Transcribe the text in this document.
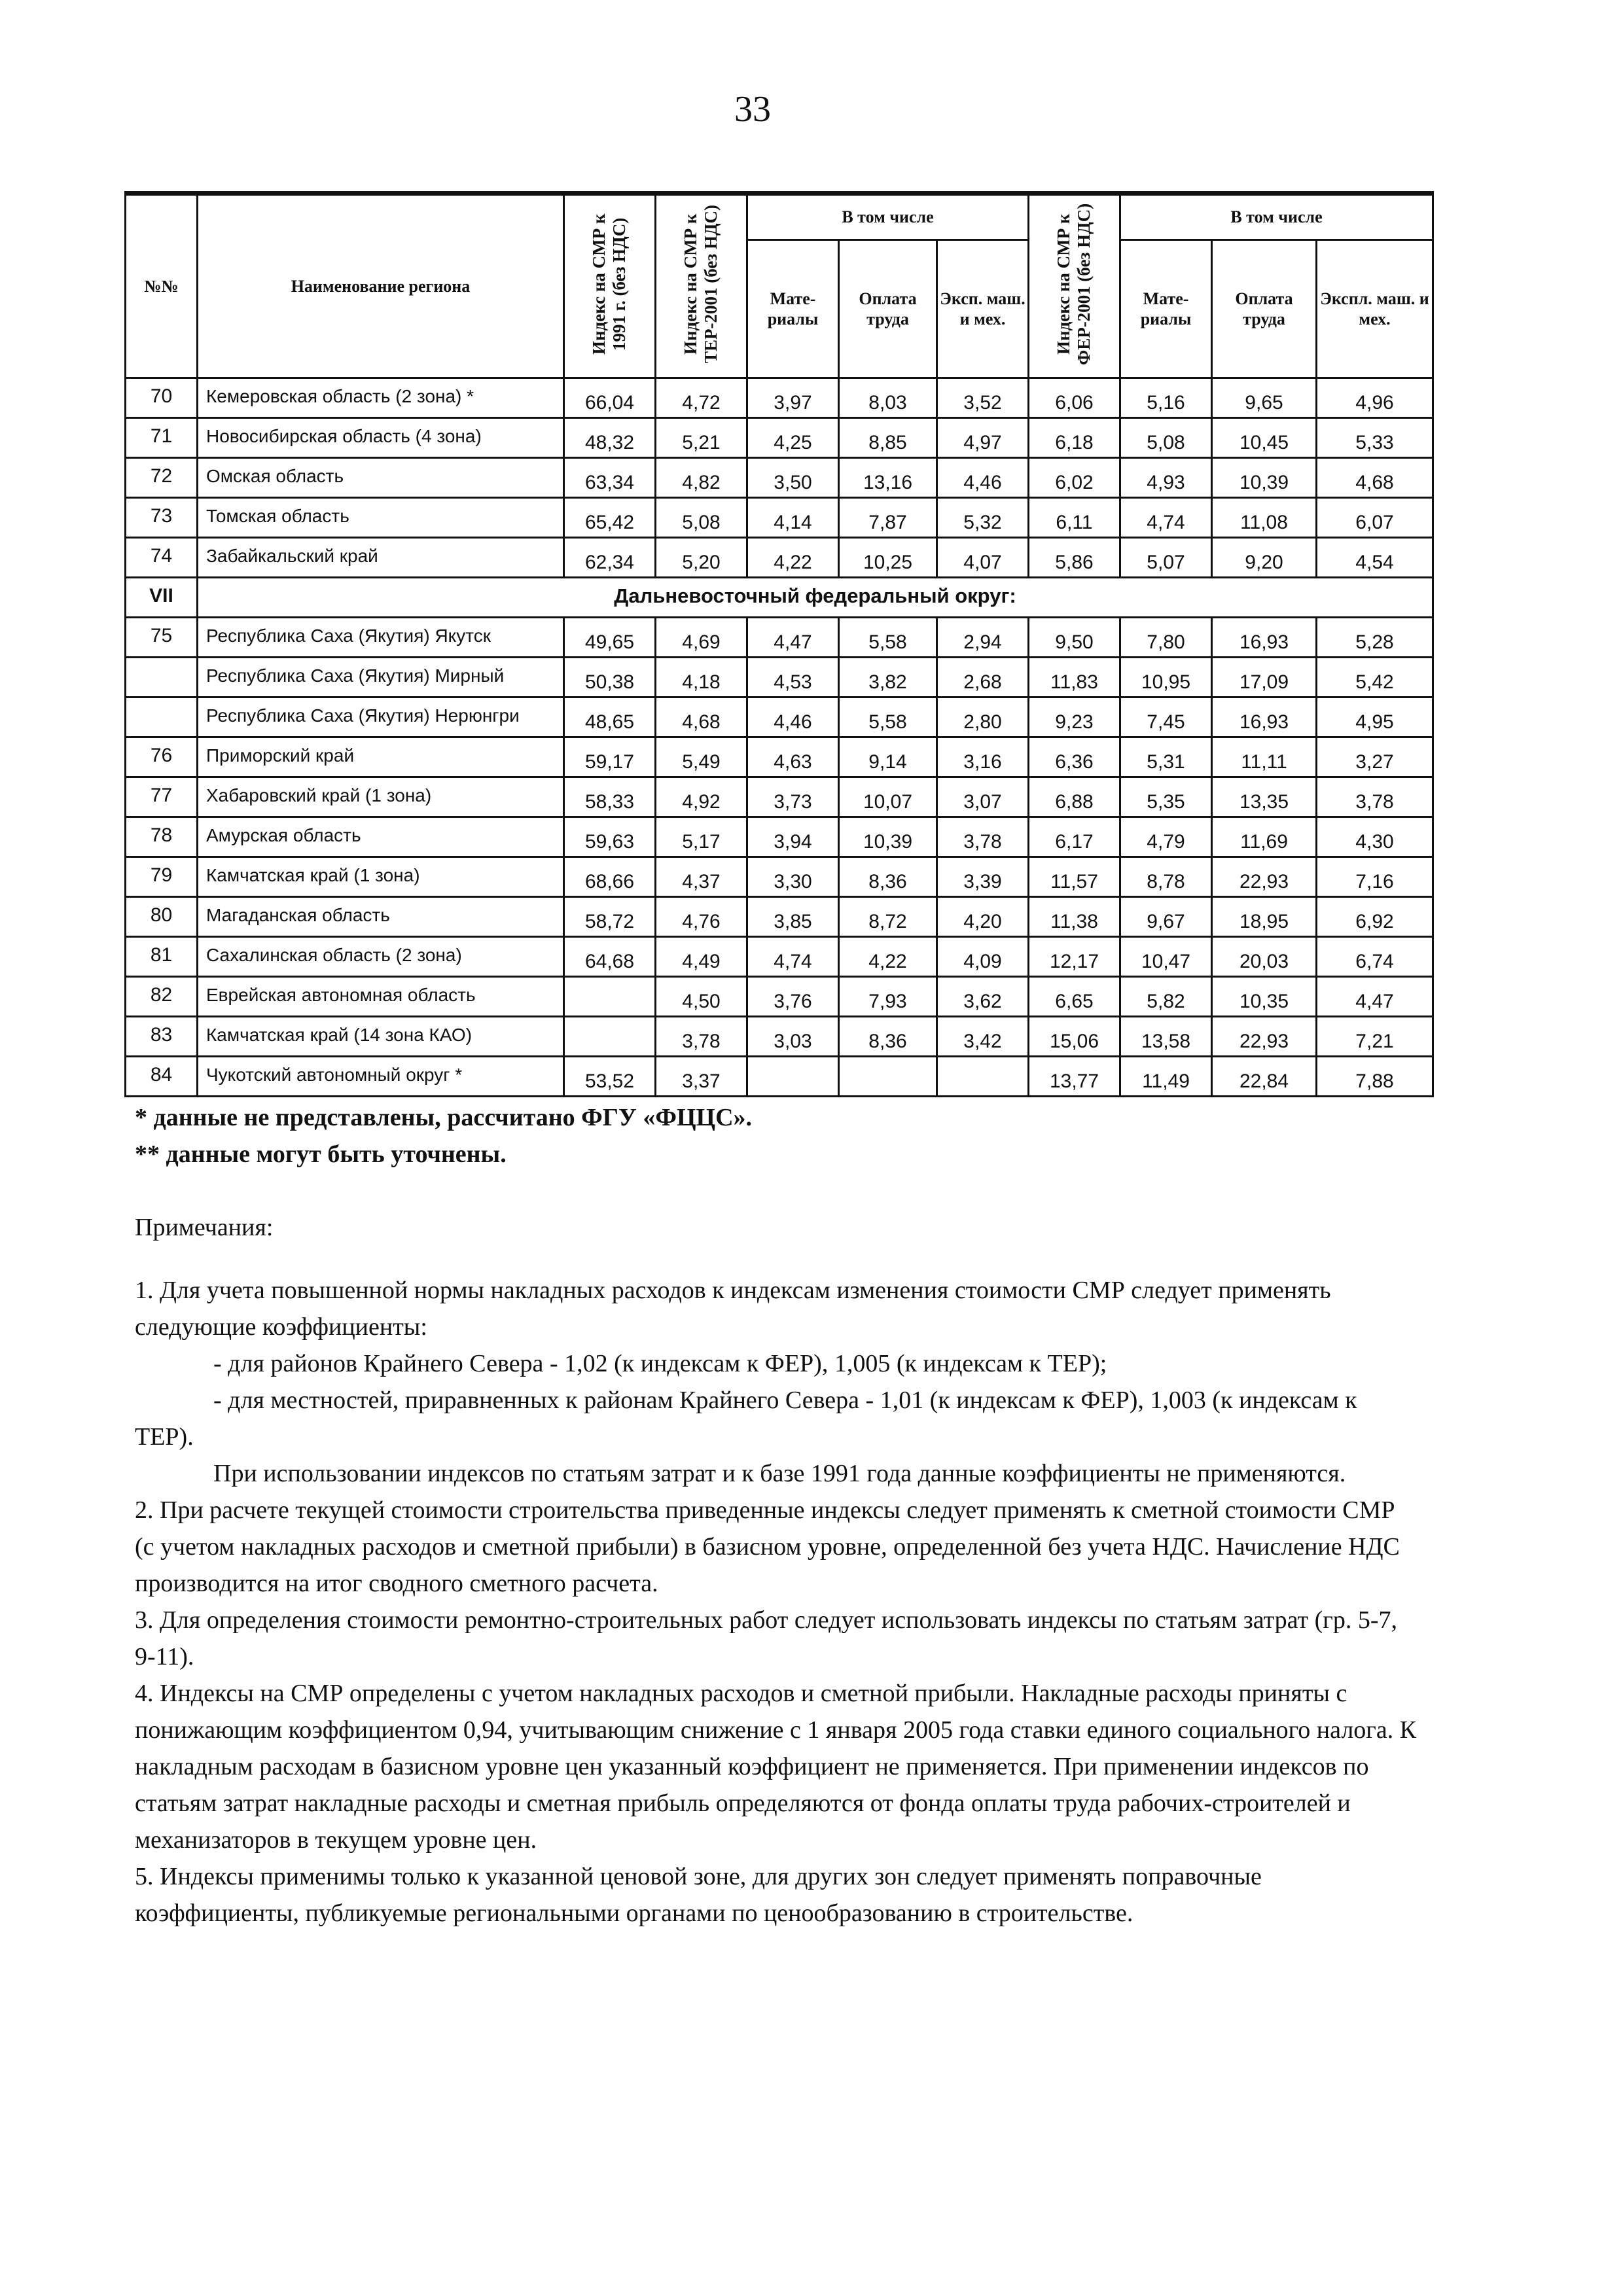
33
№№	Наименование региона	Индекс на СМР к 1991 г. (без НДС)	Индекс на СМР к ТЕР-2001 (без НДС)	В том числе			Индекс на СМР к ФЕР-2001 (без НДС)	В том числе		
				Мате-риалы	Оплата труда	Эксп. маш. и мех.		Мате-риалы	Оплата труда	Экспл. маш. и мех.
70	Кемеровская область (2 зона) *	66,04	4,72	3,97	8,03	3,52	6,06	5,16	9,65	4,96
71	Новосибирская область (4 зона)	48,32	5,21	4,25	8,85	4,97	6,18	5,08	10,45	5,33
72	Омская область	63,34	4,82	3,50	13,16	4,46	6,02	4,93	10,39	4,68
73	Томская область	65,42	5,08	4,14	7,87	5,32	6,11	4,74	11,08	6,07
74	Забайкальский край	62,34	5,20	4,22	10,25	4,07	5,86	5,07	9,20	4,54
VII	Дальневосточный федеральный округ:									
75	Республика Саха (Якутия) Якутск	49,65	4,69	4,47	5,58	2,94	9,50	7,80	16,93	5,28
	Республика Саха (Якутия) Мирный	50,38	4,18	4,53	3,82	2,68	11,83	10,95	17,09	5,42
	Республика Саха (Якутия) Нерюнгри	48,65	4,68	4,46	5,58	2,80	9,23	7,45	16,93	4,95
76	Приморский край	59,17	5,49	4,63	9,14	3,16	6,36	5,31	11,11	3,27
77	Хабаровский край (1 зона)	58,33	4,92	3,73	10,07	3,07	6,88	5,35	13,35	3,78
78	Амурская область	59,63	5,17	3,94	10,39	3,78	6,17	4,79	11,69	4,30
79	Камчатская край (1 зона)	68,66	4,37	3,30	8,36	3,39	11,57	8,78	22,93	7,16
80	Магаданская область	58,72	4,76	3,85	8,72	4,20	11,38	9,67	18,95	6,92
81	Сахалинская область (2 зона)	64,68	4,49	4,74	4,22	4,09	12,17	10,47	20,03	6,74
82	Еврейская автономная область		4,50	3,76	7,93	3,62	6,65	5,82	10,35	4,47
83	Камчатская край (14 зона КАО)		3,78	3,03	8,36	3,42	15,06	13,58	22,93	7,21
84	Чукотский автономный округ *	53,52	3,37				13,77	11,49	22,84	7,88

* данные не представлены, рассчитано ФГУ «ФЦЦС».

** данные могут быть уточнены.

Примечания:

1. Для учета повышенной нормы накладных расходов к индексам изменения стоимости СМР следует применять следующие коэффициенты:

- для районов Крайнего Севера - 1,02 (к индексам к ФЕР), 1,005 (к индексам к ТЕР);

- для местностей, приравненных к районам Крайнего Севера - 1,01 (к индексам к ФЕР), 1,003 (к индексам к ТЕР).

При использовании индексов по статьям затрат и к базе 1991 года данные коэффициенты не применяются.

2. При расчете текущей стоимости строительства приведенные индексы следует применять к сметной стоимости СМР (с учетом накладных расходов и сметной прибыли) в базисном уровне, определенной без учета НДС. Начисление НДС производится на итог сводного сметного расчета.

3. Для определения стоимости ремонтно-строительных работ следует использовать индексы по статьям затрат (гр. 5-7, 9-11).

4. Индексы на СМР определены с учетом накладных расходов и сметной прибыли. Накладные расходы приняты с понижающим коэффициентом 0,94, учитывающим снижение с 1 января 2005 года ставки единого социального налога. К накладным расходам в базисном уровне цен указанный коэффициент не применяется. При применении индексов по статьям затрат накладные расходы и сметная прибыль определяются от фонда оплаты труда рабочих-строителей и механизаторов в текущем уровне цен.

5. Индексы применимы только к указанной ценовой зоне, для других зон следует применять поправочные коэффициенты, публикуемые региональными органами по ценообразованию в строительстве.
